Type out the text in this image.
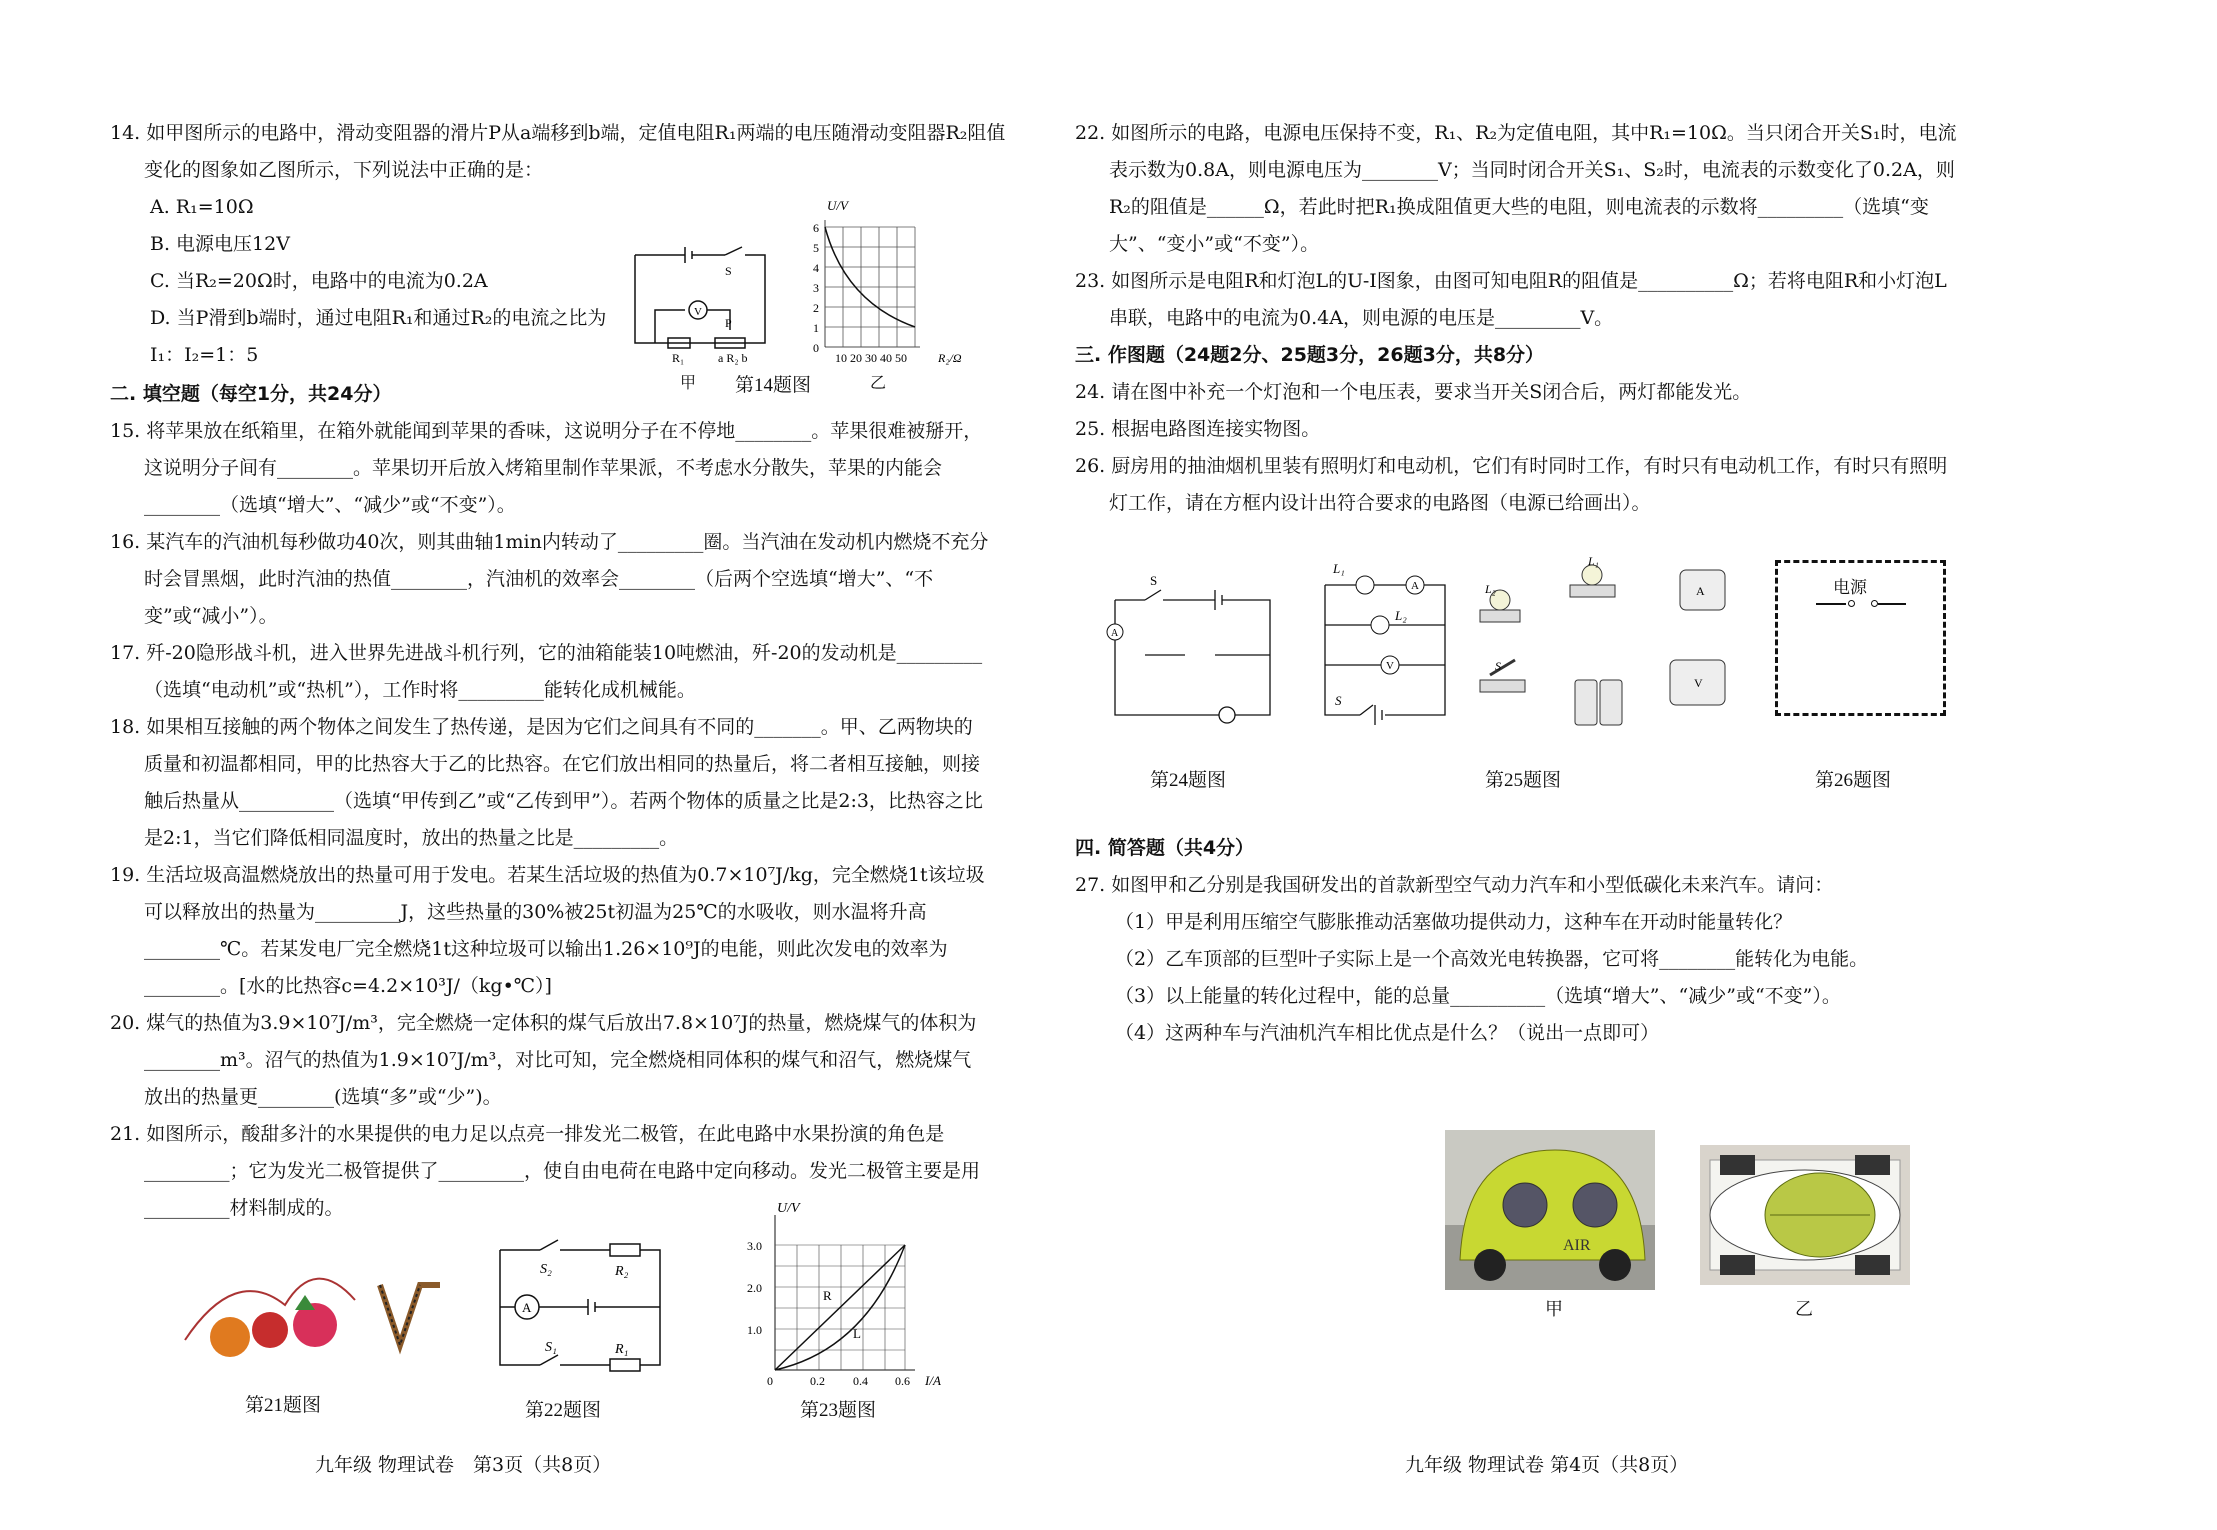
14. 如甲图所示的电路中，滑动变阻器的滑片P从a端移到b端，定值电阻R₁两端的电压随滑动变阻器R₂阻值变化的图象如乙图所示，下列说法中正确的是：

A. R₁=10Ω

B. 电源电压12V

C. 当R₂=20Ω时，电路中的电流为0.2A

D. 当P滑到b端时，通过电阻R₁和通过R₂的电流之比为I₁：I₂=1：5

二. 填空题（每空1分，共24分）

15. 将苹果放在纸箱里，在箱外就能闻到苹果的香味，这说明分子在不停地________。苹果很难被掰开，这说明分子间有________。苹果切开后放入烤箱里制作苹果派，不考虑水分散失，苹果的内能会________（选填“增大”、“减少”或“不变”）。

16. 某汽车的汽油机每秒做功40次，则其曲轴1min内转动了_________圈。当汽油在发动机内燃烧不充分时会冒黑烟，此时汽油的热值________，汽油机的效率会________（后两个空选填“增大”、“不变”或“减小”）。

17. 歼-20隐形战斗机，进入世界先进战斗机行列，它的油箱能装10吨燃油，歼-20的发动机是_________（选填“电动机”或“热机”），工作时将_________能转化成机械能。

18. 如果相互接触的两个物体之间发生了热传递，是因为它们之间具有不同的_______。甲、乙两物块的质量和初温都相同，甲的比热容大于乙的比热容。在它们放出相同的热量后，将二者相互接触，则接触后热量从__________（选填“甲传到乙”或“乙传到甲”）。若两个物体的质量之比是2:3，比热容之比是2:1，当它们降低相同温度时，放出的热量之比是_________。

19. 生活垃圾高温燃烧放出的热量可用于发电。若某生活垃圾的热值为0.7×10⁷J/kg，完全燃烧1t该垃圾可以释放出的热量为_________J，这些热量的30%被25t初温为25℃的水吸收，则水温将升高________℃。若某发电厂完全燃烧1t这种垃圾可以输出1.26×10⁹J的电能，则此次发电的效率为________。[水的比热容c=4.2×10³J/（kg•℃）]

20. 煤气的热值为3.9×10⁷J/m³，完全燃烧一定体积的煤气后放出7.8×10⁷J的热量，燃烧煤气的体积为________m³。沼气的热值为1.9×10⁷J/m³，对比可知，完全燃烧相同体积的煤气和沼气，燃烧煤气放出的热量更________(选填“多”或“少”)。

21. 如图所示，酸甜多汁的水果提供的电力足以点亮一排发光二极管，在此电路中水果扮演的角色是_________；它为发光二极管提供了_________，使自由电荷在电路中定向移动。发光二极管主要是用_________材料制成的。

V
S
R₁	a R₂ b
P
甲 第14题图	乙
U/V
6
5
4
3
2
1
0
10 20 30 40 50	R₂/Ω
第21题图
A
S₂	R₂
S₁	R₁
第22题图
R
L
U/V
3.0
2.0
1.0
0	0.2 0.4 0.6 I/A
第23题图
九年级 物理试卷　第3页（共8页）

22. 如图所示的电路，电源电压保持不变，R₁、R₂为定值电阻，其中R₁=10Ω。当只闭合开关S₁时，电流表示数为0.8A，则电源电压为________V；当同时闭合开关S₁、S₂时，电流表的示数变化了0.2A，则R₂的阻值是______Ω，若此时把R₁换成阻值更大些的电阻，则电流表的示数将_________（选填“变大”、“变小”或“不变”）。

23. 如图所示是电阻R和灯泡L的U-I图象，由图可知电阻R的阻值是__________Ω；若将电阻R和小灯泡L串联，电路中的电流为0.4A，则电源的电压是_________V。

三. 作图题（24题2分、25题3分，26题3分，共8分）

24. 请在图中补充一个灯泡和一个电压表，要求当开关S闭合后，两灯都能发光。

25. 根据电路图连接实物图。

26. 厨房用的抽油烟机里装有照明灯和电动机，它们有时同时工作，有时只有电动机工作，有时只有照明灯工作，请在方框内设计出符合要求的电路图（电源已给画出）。

A
S
第24题图
A
V
L₁
L₂
S
A
V
L₂
L₁
S
第25题图
电源
第26题图

四. 简答题（共4分）

27. 如图甲和乙分别是我国研发出的首款新型空气动力汽车和小型低碳化未来汽车。请问：

（1）甲是利用压缩空气膨胀推动活塞做功提供动力，这种车在开动时能量转化？

（2）乙车顶部的巨型叶子实际上是一个高效光电转换器，它可将________能转化为电能。

（3）以上能量的转化过程中，能的总量__________（选填“增大”、“减少”或“不变”）。

（4）这两种车与汽油机汽车相比优点是什么？（说出一点即可）

AIR
甲	乙
九年级 物理试卷 第4页（共8页）
